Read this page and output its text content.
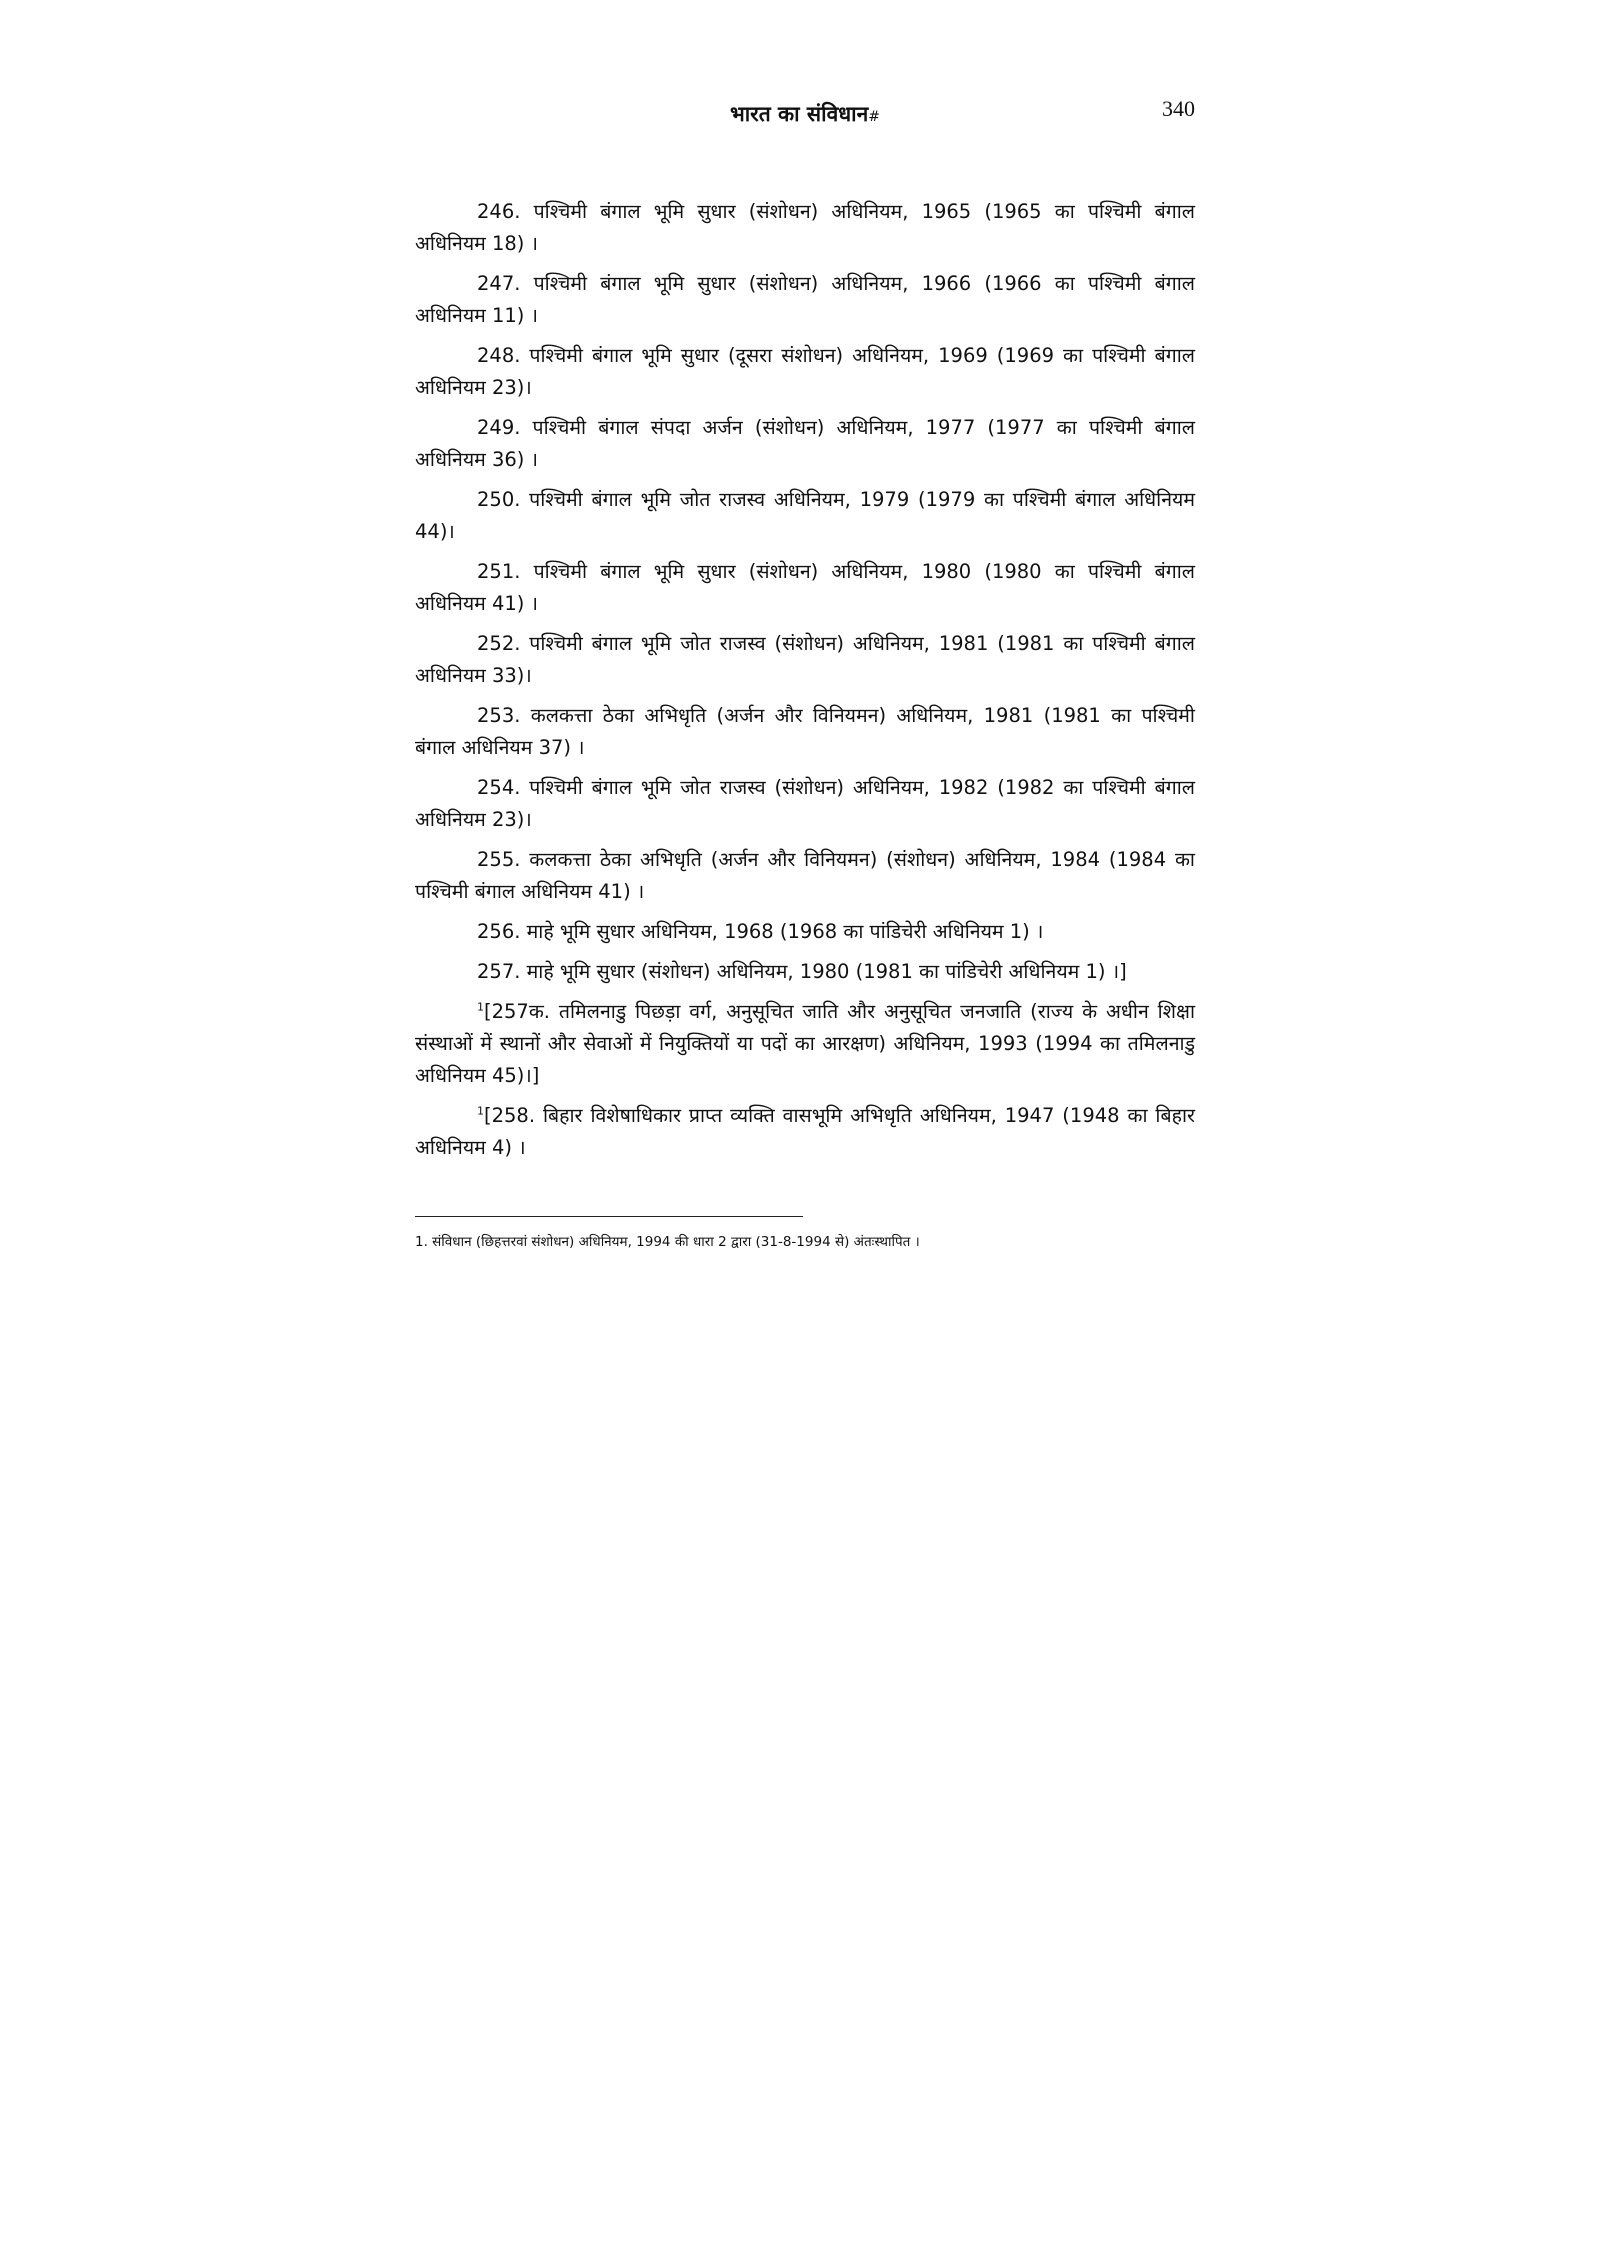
भारत का संविधान#	340

246. पश्चिमी बंगाल भूमि सुधार (संशोधन) अधिनियम, 1965 (1965 का पश्चिमी बंगाल अधिनियम 18) ।

247. पश्चिमी बंगाल भूमि सुधार (संशोधन) अधिनियम, 1966 (1966 का पश्चिमी बंगाल अधिनियम 11) ।

248. पश्चिमी बंगाल भूमि सुधार (दूसरा संशोधन) अधिनियम, 1969 (1969 का पश्चिमी बंगाल अधिनियम 23)।

249. पश्चिमी बंगाल संपदा अर्जन (संशोधन) अधिनियम, 1977 (1977 का पश्चिमी बंगाल अधिनियम 36) ।

250. पश्चिमी बंगाल भूमि जोत राजस्व अधिनियम, 1979 (1979 का पश्चिमी बंगाल अधिनियम 44)।

251. पश्चिमी बंगाल भूमि सुधार (संशोधन) अधिनियम, 1980 (1980 का पश्चिमी बंगाल अधिनियम 41) ।

252. पश्चिमी बंगाल भूमि जोत राजस्व (संशोधन) अधिनियम, 1981 (1981 का पश्चिमी बंगाल अधिनियम 33)।

253. कलकत्ता ठेका अभिधृति (अर्जन और विनियमन) अधिनियम, 1981 (1981 का पश्चिमी बंगाल अधिनियम 37) ।

254. पश्चिमी बंगाल भूमि जोत राजस्व (संशोधन) अधिनियम, 1982 (1982 का पश्चिमी बंगाल अधिनियम 23)।

255. कलकत्ता ठेका अभिधृति (अर्जन और विनियमन) (संशोधन) अधिनियम, 1984 (1984 का पश्चिमी बंगाल अधिनियम 41) ।

256. माहे भूमि सुधार अधिनियम, 1968 (1968 का पांडिचेरी अधिनियम 1) ।

257. माहे भूमि सुधार (संशोधन) अधिनियम, 1980 (1981 का पांडिचेरी अधिनियम 1) ।]

$^1$[257क. तमिलनाडु पिछड़ा वर्ग, अनुसूचित जाति और अनुसूचित जनजाति (राज्य के अधीन शिक्षा संस्थाओं में स्थानों और सेवाओं में नियुक्तियों या पदों का आरक्षण) अधिनियम, 1993 (1994 का तमिलनाडु अधिनियम 45)।]

$^1$[258. बिहार विशेषाधिकार प्राप्त व्यक्ति वासभूमि अभिधृति अधिनियम, 1947 (1948 का बिहार अधिनियम 4) ।

1. संविधान (छिहत्तरवां संशोधन) अधिनियम, 1994 की धारा 2 द्वारा (31-8-1994 से) अंतःस्थापित ।
